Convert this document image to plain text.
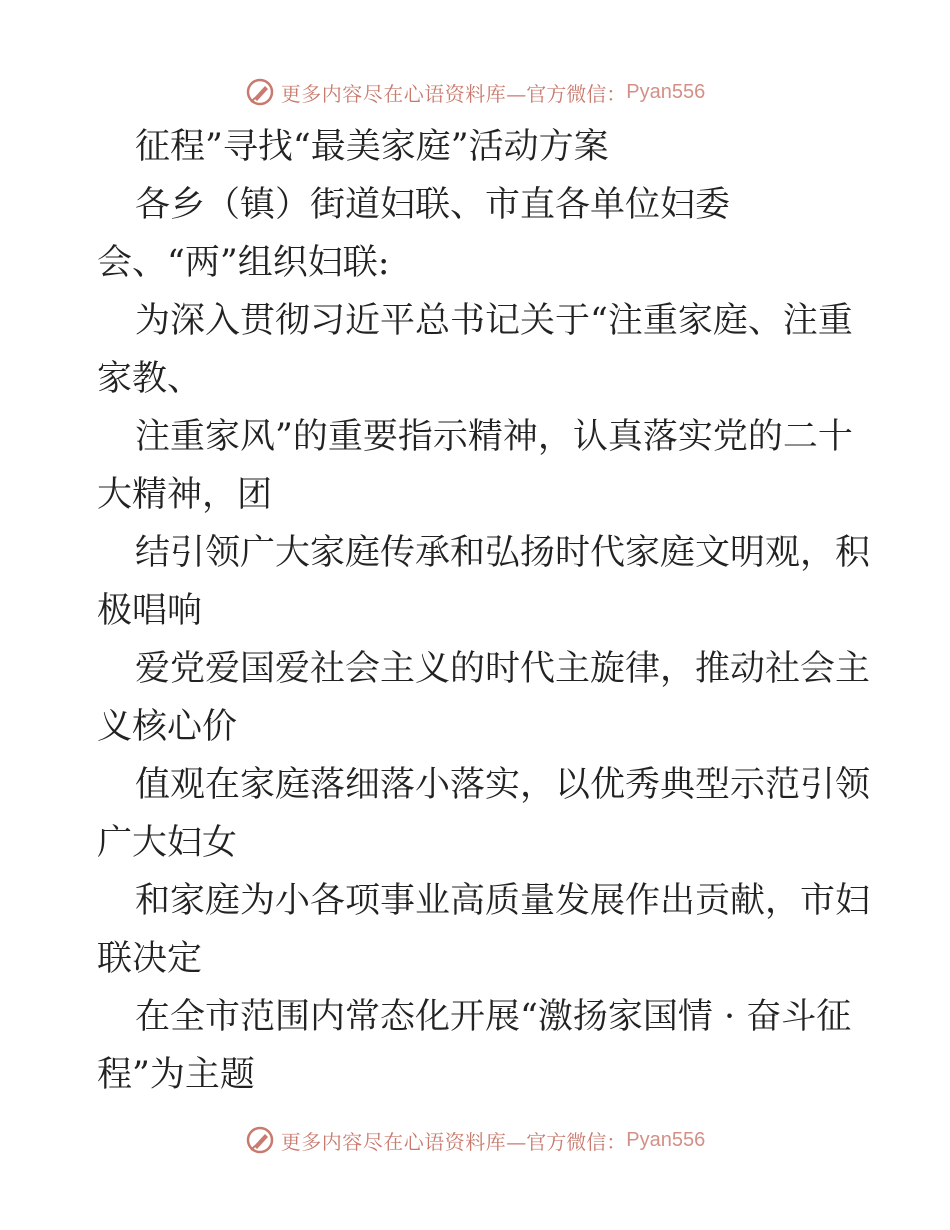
更多内容尽在心语资料库 —官方微信： Pyan556
征程”寻找“最美家庭”活动方案
各乡（镇）街道妇联、市直各单位妇委
会、“两”组织妇联:
为深入贯彻习近平总书记关于“注重家庭、注重
家教、
注重家风”的重要指示精神，认真落实党的二十
大精神，团
结引领广大家庭传承和弘扬时代家庭文明观，积
极唱响
爱党爱国爱社会主义的时代主旋律，推动社会主
义核心价
值观在家庭落细落小落实，以优秀典型示范引领
广大妇女
和家庭为小各项事业高质量发展作出贡献，市妇
联决定
在全市范围内常态化开展“激扬家国情 · 奋斗征
程”为主题
更多内容尽在心语资料库 —官方微信： Pyan556
